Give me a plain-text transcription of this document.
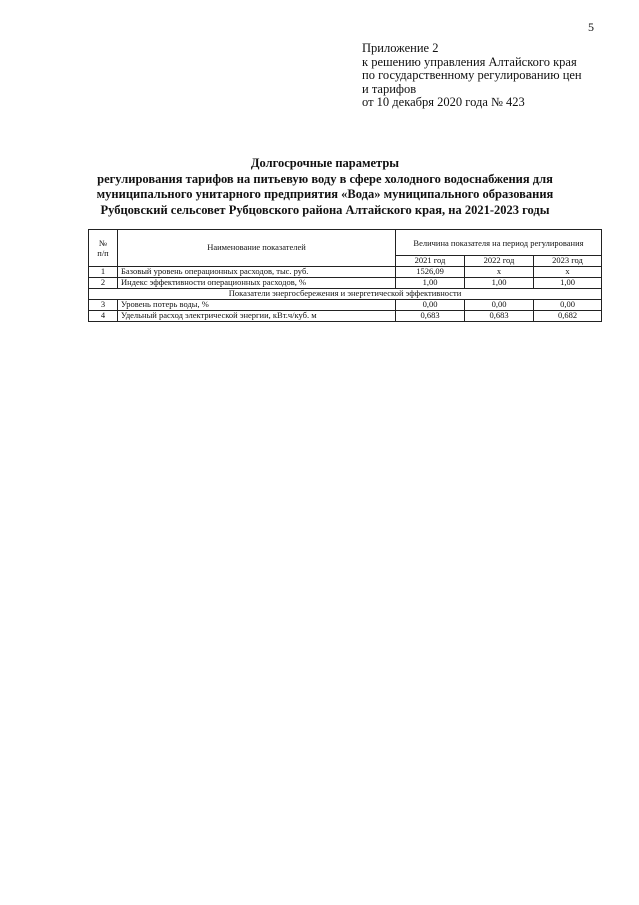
5
Приложение 2
к решению управления Алтайского края
по государственному регулированию цен
и тарифов
от 10 декабря 2020 года № 423
Долгосрочные параметры
регулирования тарифов на питьевую воду в сфере холодного водоснабжения для
муниципального унитарного предприятия «Вода» муниципального образования
Рубцовский сельсовет Рубцовского района Алтайского края, на 2021-2023 годы
№
п/п	Наименование показателей	Величина показателя на период регулирования		
		2021 год	2022 год	2023 год
1	Базовый уровень операционных расходов, тыс. руб.	1526,09	х	х
2	Индекс эффективности операционных расходов, %	1,00	1,00	1,00
Показатели энергосбережения и энергетической эффективности				
3	Уровень потерь воды, %	0,00	0,00	0,00
4	Удельный расход электрической энергии, кВт.ч/куб. м	0,683	0,683	0,682
